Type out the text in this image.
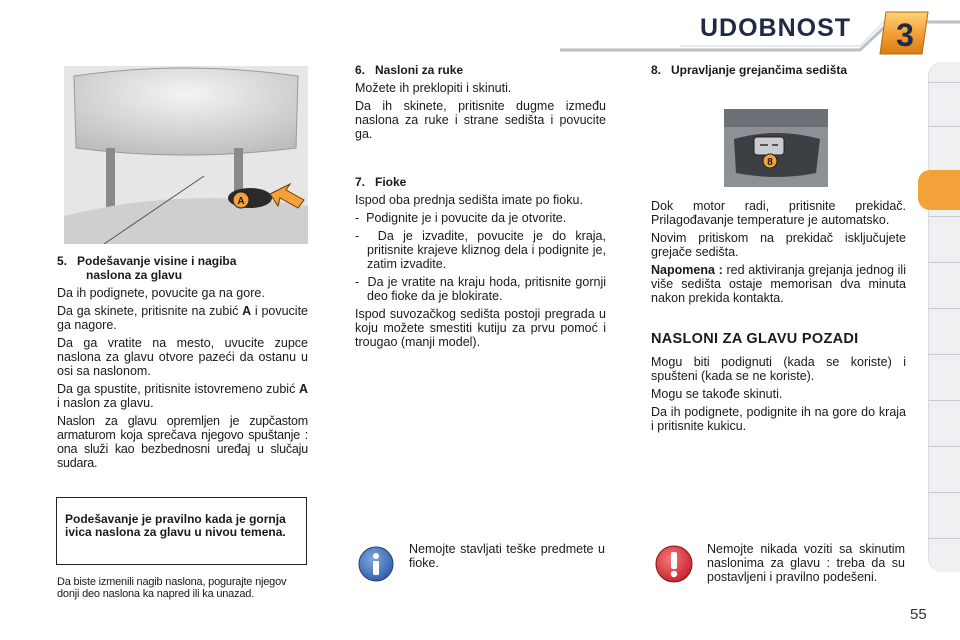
UDOBNOST 3
A
5.   Podešavanje visine i nagiba
naslona za glavu

Da ih podignete, povucite ga na gore.

Da ga skinete, pritisnite na zubić A i povucite ga nagore.

Da ga vratite na mesto, uvucite zupce naslona za glavu otvore pazeći da ostanu u osi sa naslonom.

Da ga spustite, pritisnite istovremeno zubić A i naslon za glavu.

Naslon za glavu opremljen je zupčastom armaturom koja sprečava njegovo spuštanje : ona služi kao bezbednosni uređaj u slučaju sudara.

Podešavanje je pravilno kada je gornja ivica naslona za glavu u nivou temena.
Da biste izmenili nagib naslona, pogurajte njegov donji deo naslona ka napred ili ka unazad.
6.   Nasloni za ruke

Možete ih preklopiti i skinuti.

Da ih skinete, pritisnite dugme između naslona za ruke i strane sedišta i povucite ga.

7.   Fioke

Ispod oba prednja sedišta imate po fioku.

-  Podignite je i povucite da je otvorite.

-  Da je izvadite, povucite je do kraja, pritisnite krajeve kliznog dela i podignite je, zatim izvadite.

-  Da je vratite na kraju hoda, pritisnite gornji deo fioke da je blokirate.

Ispod suvozačkog sedišta postoji pregrada u koju možete smestiti kutiju za prvu pomoć i trougao (manji model).

Nemojte stavljati teške predmete u fioke.
8.   Upravljanje grejančima sedišta
8

Dok motor radi, pritisnite prekidač. Prilagođavanje temperature je automatsko.

Novim pritiskom na prekidač isključujete grejače sedišta.

Napomena : red aktiviranja grejanja jednog ili više sedišta ostaje memorisan dva minuta nakon prekida kontakta.

NASLONI ZA GLAVU POZADI

Mogu biti podignuti (kada se koriste) i spušteni (kada se ne koriste).

Mogu se takođe skinuti.

Da ih podignete, podignite ih na gore do kraja i pritisnite kukicu.

Nemojte nikada voziti sa skinutim naslonima za glavu : treba da su postavljeni i pravilno podešeni.
55
